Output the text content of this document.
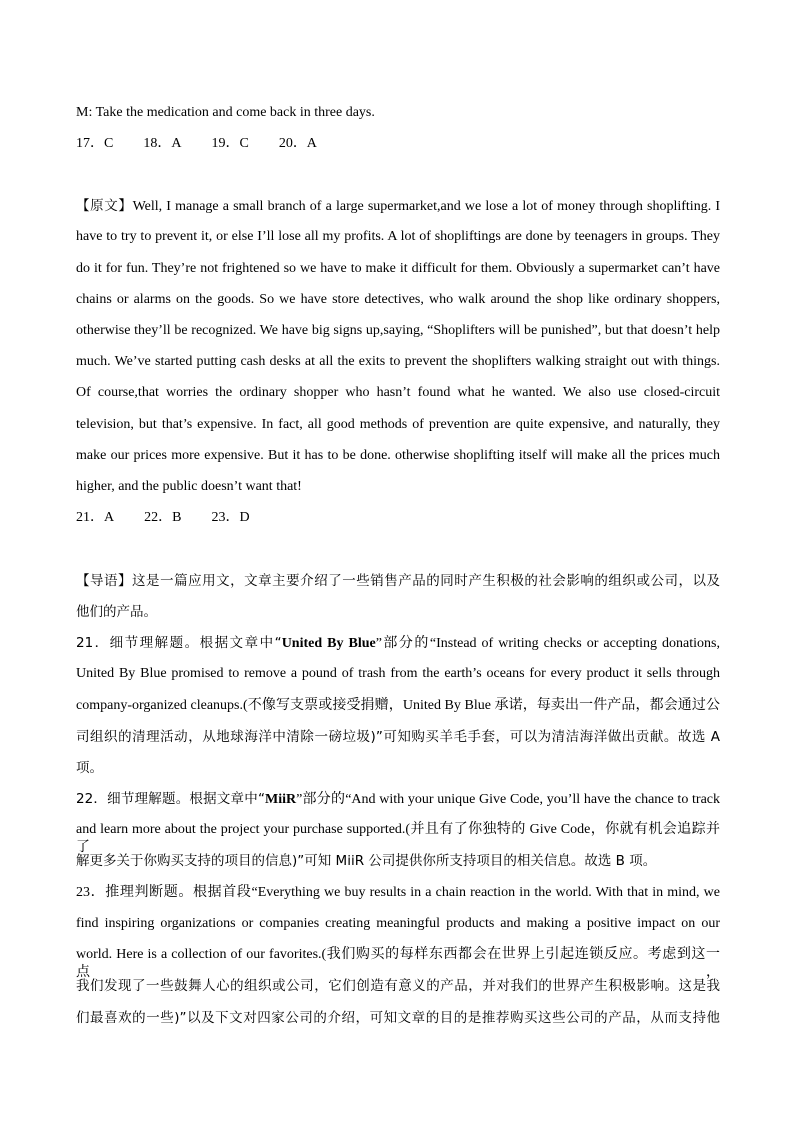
M: Take the medication and come back in three days.
17．C 18．A 19．C 20．A
【原文】Well, I manage a small branch of a large supermarket,and we lose a lot of money through shoplifting. I
have to try to prevent it, or else I’ll lose all my profits. A lot of shopliftings are done by teenagers in groups. They
do it for fun. They’re not frightened so we have to make it difficult for them. Obviously a supermarket can’t have
chains or alarms on the goods. So we have store detectives, who walk around the shop like ordinary shoppers,
otherwise they’ll be recognized. We have big signs up,saying, “Shoplifters will be punished”, but that doesn’t help
much. We’ve started putting cash desks at all the exits to prevent the shoplifters walking straight out with things.
Of course,that worries the ordinary shopper who hasn’t found what he wanted. We also use closed-circuit
television, but that’s expensive. In fact, all good methods of prevention are quite expensive, and naturally, they
make our prices more expensive. But it has to be done. otherwise shoplifting itself will make all the prices much
higher, and the public doesn’t want that!
21．A 22．B 23．D
【导语】这是一篇应用文，文章主要介绍了一些销售产品的同时产生积极的社会影响的组织或公司，以及
他们的产品。
21．细节理解题。根据文章中“United By Blue”部分的“Instead of writing checks or accepting donations,
United By Blue promised to remove a pound of trash from the earth’s oceans for every product it sells through
company-organized cleanups.(不像写支票或接受捐赠，United By Blue 承诺，每卖出一件产品，都会通过公
司组织的清理活动，从地球海洋中清除一磅垃圾)”可知购买羊毛手套，可以为清洁海洋做出贡献。故选 A
项。
22．细节理解题。根据文章中“MiiR”部分的“And with your unique Give Code, you’ll have the chance to track
and learn more about the project your purchase supported.(并且有了你独特的 Give Code，你就有机会追踪并了
解更多关于你购买支持的项目的信息)”可知 MiiR 公司提供你所支持项目的相关信息。故选 B 项。
23．推理判断题。根据首段“Everything we buy results in a chain reaction in the world. With that in mind, we
find inspiring organizations or companies creating meaningful products and making a positive impact on our
world. Here is a collection of our favorites.(我们购买的每样东西都会在世界上引起连锁反应。考虑到这一点，
我们发现了一些鼓舞人心的组织或公司，它们创造有意义的产品，并对我们的世界产生积极影响。这是我
们最喜欢的一些)”以及下文对四家公司的介绍，可知文章的目的是推荐购买这些公司的产品，从而支持他
